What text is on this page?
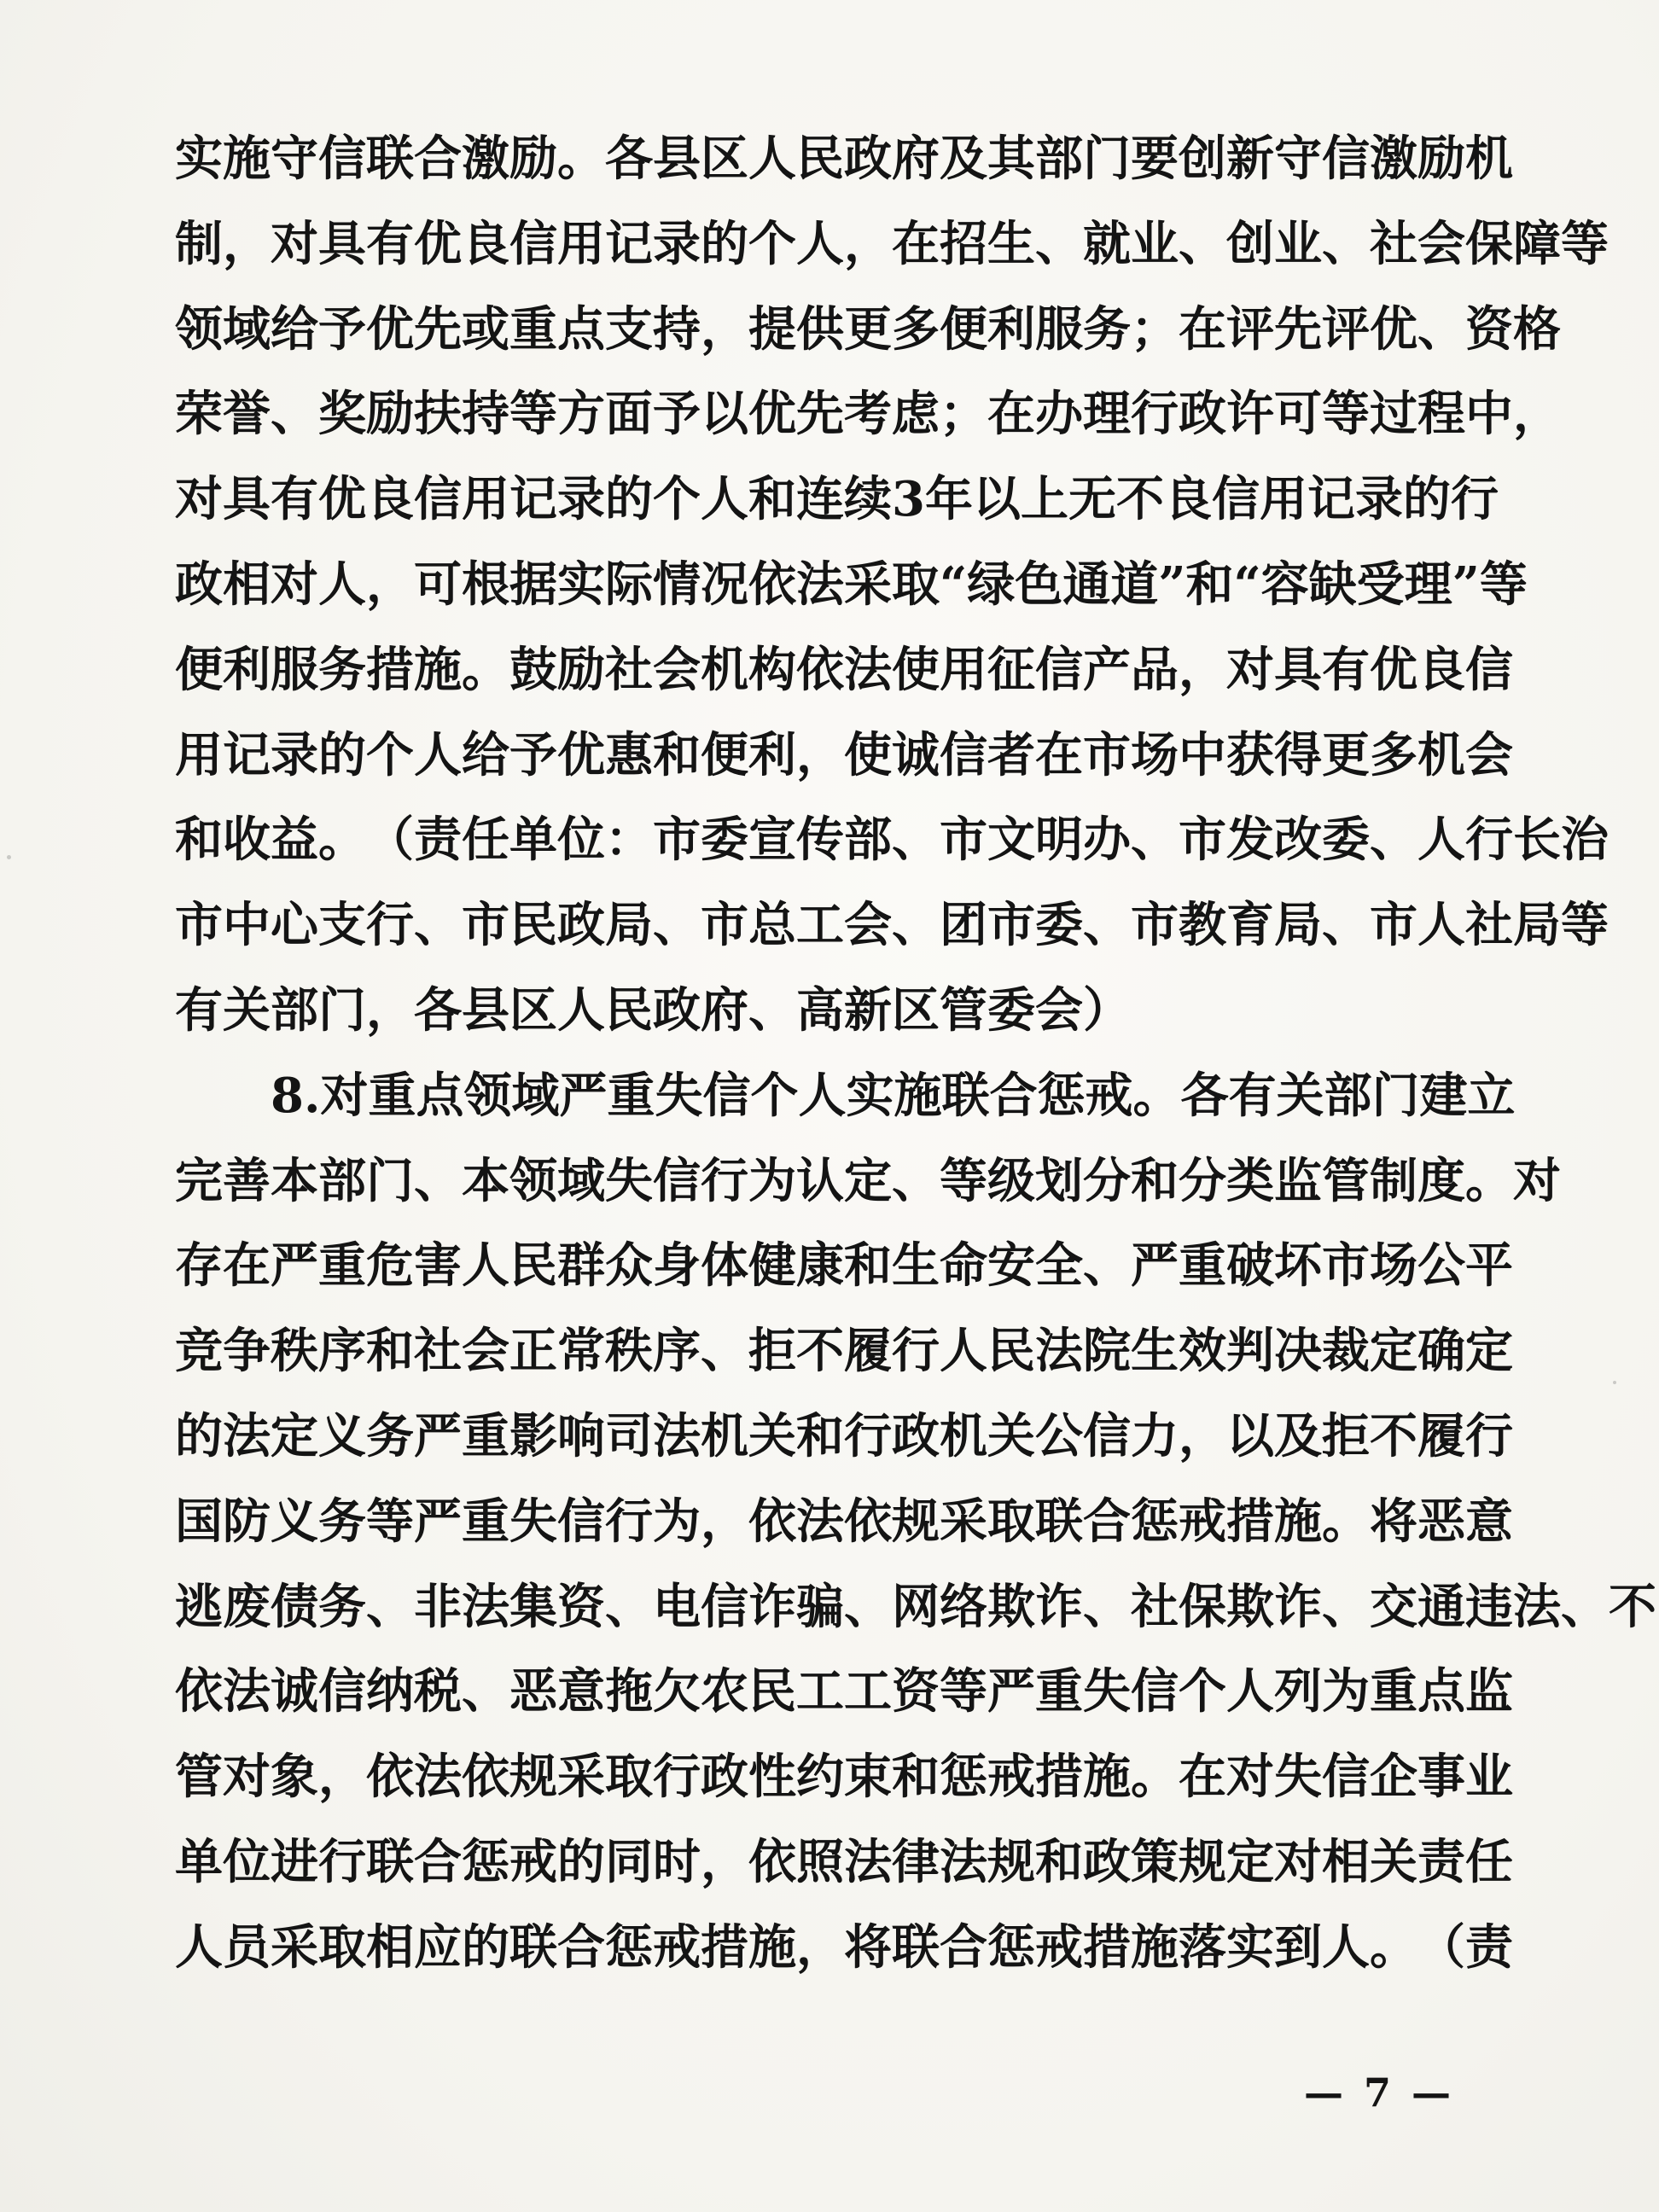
实 施 守 信 联 合 激 励 。 各 县 区 人 民 政 府 及 其 部 门 要 创 新 守 信 激 励 机
制 ， 对 具 有 优 良 信 用 记 录 的 个 人 ， 在 招 生 、 就 业 、 创 业 、 社 会 保 障 等
领 域 给 予 优 先 或 重 点 支 持 ， 提 供 更 多 便 利 服 务 ； 在 评 先 评 优 、 资 格
荣 誉 、 奖 励 扶 持 等 方 面 予 以 优 先 考 虑 ； 在 办 理 行 政 许 可 等 过 程 中 ，
对 具 有 优 良 信 用 记 录 的 个 人 和 连 续 3 年 以 上 无 不 良 信 用 记 录 的 行
政 相 对 人 ， 可 根 据 实 际 情 况 依 法 采 取 “ 绿 色 通 道 ” 和 “ 容 缺 受 理 ” 等
便 利 服 务 措 施 。 鼓 励 社 会 机 构 依 法 使 用 征 信 产 品 ， 对 具 有 优 良 信
用 记 录 的 个 人 给 予 优 惠 和 便 利 ， 使 诚 信 者 在 市 场 中 获 得 更 多 机 会
和 收 益 。 （ 责 任 单 位 ： 市 委 宣 传 部 、 市 文 明 办 、 市 发 改 委 、 人 行 长 治
市 中 心 支 行 、 市 民 政 局 、 市 总 工 会 、 团 市 委 、 市 教 育 局 、 市 人 社 局 等
有 关 部 门 ， 各 县 区 人 民 政 府 、 高 新 区 管 委 会 ）
8. 对 重 点 领 域 严 重 失 信 个 人 实 施 联 合 惩 戒 。 各 有 关 部 门 建 立
完 善 本 部 门 、 本 领 域 失 信 行 为 认 定 、 等 级 划 分 和 分 类 监 管 制 度 。 对
存 在 严 重 危 害 人 民 群 众 身 体 健 康 和 生 命 安 全 、 严 重 破 坏 市 场 公 平
竞 争 秩 序 和 社 会 正 常 秩 序 、 拒 不 履 行 人 民 法 院 生 效 判 决 裁 定 确 定
的 法 定 义 务 严 重 影 响 司 法 机 关 和 行 政 机 关 公 信 力 ， 以 及 拒 不 履 行
国 防 义 务 等 严 重 失 信 行 为 ， 依 法 依 规 采 取 联 合 惩 戒 措 施 。 将 恶 意
逃 废 债 务 、 非 法 集 资 、 电 信 诈 骗 、 网 络 欺 诈 、 社 保 欺 诈 、 交 通 违 法 、 不
依 法 诚 信 纳 税 、 恶 意 拖 欠 农 民 工 工 资 等 严 重 失 信 个 人 列 为 重 点 监
管 对 象 ， 依 法 依 规 采 取 行 政 性 约 束 和 惩 戒 措 施 。 在 对 失 信 企 事 业
单 位 进 行 联 合 惩 戒 的 同 时 ， 依 照 法 律 法 规 和 政 策 规 定 对 相 关 责 任
人 员 采 取 相 应 的 联 合 惩 戒 措 施 ， 将 联 合 惩 戒 措 施 落 实 到 人 。 （ 责
— 7 —
